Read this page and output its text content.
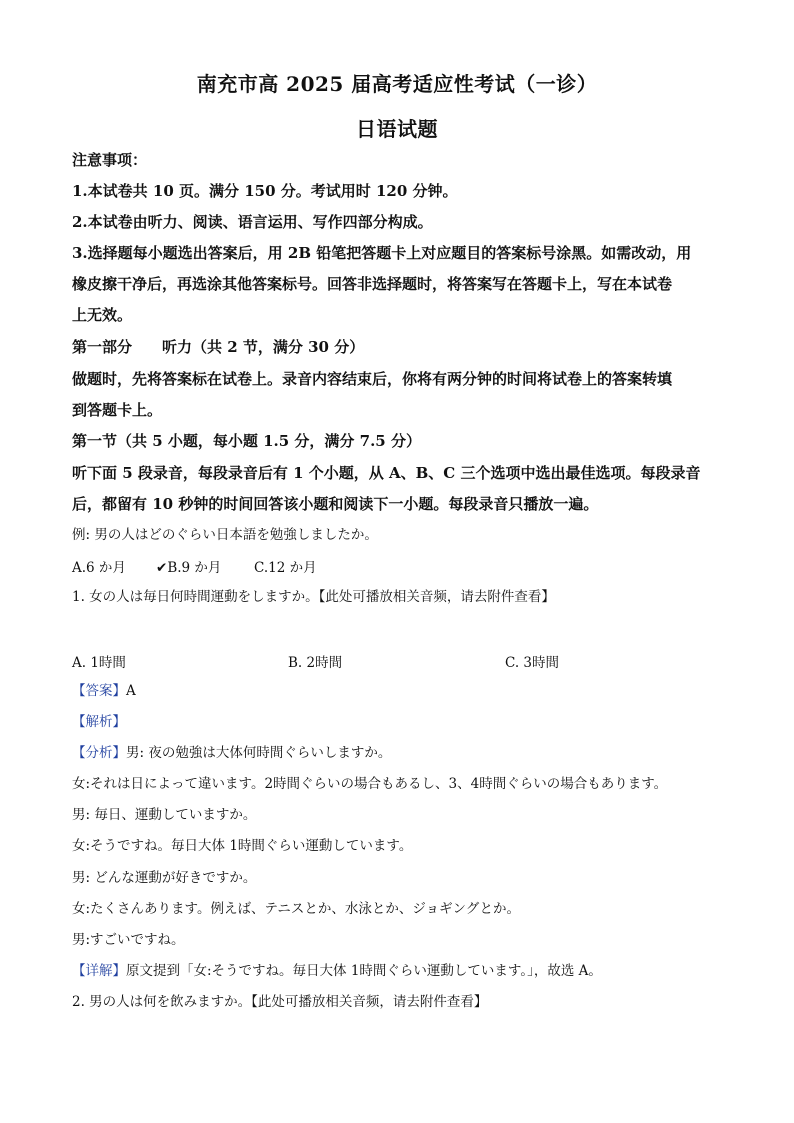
南充市高 2025 届高考适应性考试（一诊）
日语试题
注意事项：
1.本试卷共 10 页。满分 150 分。考试用时 120 分钟。
2.本试卷由听力、阅读、语言运用、写作四部分构成。
3.选择题每小题选出答案后，用 2B 铅笔把答题卡上对应题目的答案标号涂黑。如需改动，用
橡皮擦干净后，再选涂其他答案标号。回答非选择题时，将答案写在答题卡上，写在本试卷
上无效。
第一部分　　听力（共 2 节，满分 30 分）
做题时，先将答案标在试卷上。录音内容结束后，你将有两分钟的时间将试卷上的答案转填
到答题卡上。
第一节（共 5 小题，每小题 1.5 分，满分 7.5 分）
听下面 5 段录音，每段录音后有 1 个小题，从 A、B、C 三个选项中选出最佳选项。每段录音
后，都留有 10 秒钟的时间回答该小题和阅读下一小题。每段录音只播放一遍。
例: 男の人はどのぐらい日本語を勉強しましたか。
A.6 か月 ✔B.9 か月 C.12 か月
1. 女の人は毎日何時間運動をしますか。【此处可播放相关音频，请去附件查看】
A. 1時間	B. 2時間	C. 3時間
【答案】A
【解析】
【分析】男: 夜の勉強は大体何時間ぐらいしますか。
女:それは日によって違います。2時間ぐらいの場合もあるし、3、4時間ぐらいの場合もあります。
男: 毎日、運動していますか。
女:そうですね。毎日大体 1時間ぐらい運動しています。
男: どんな運動が好きですか。
女:たくさんあります。例えば、テニスとか、水泳とか、ジョギングとか。
男:すごいですね。
【详解】原文提到「女:そうですね。毎日大体 1時間ぐらい運動しています。」，故选 A。
2. 男の人は何を飲みますか。【此处可播放相关音频，请去附件查看】
